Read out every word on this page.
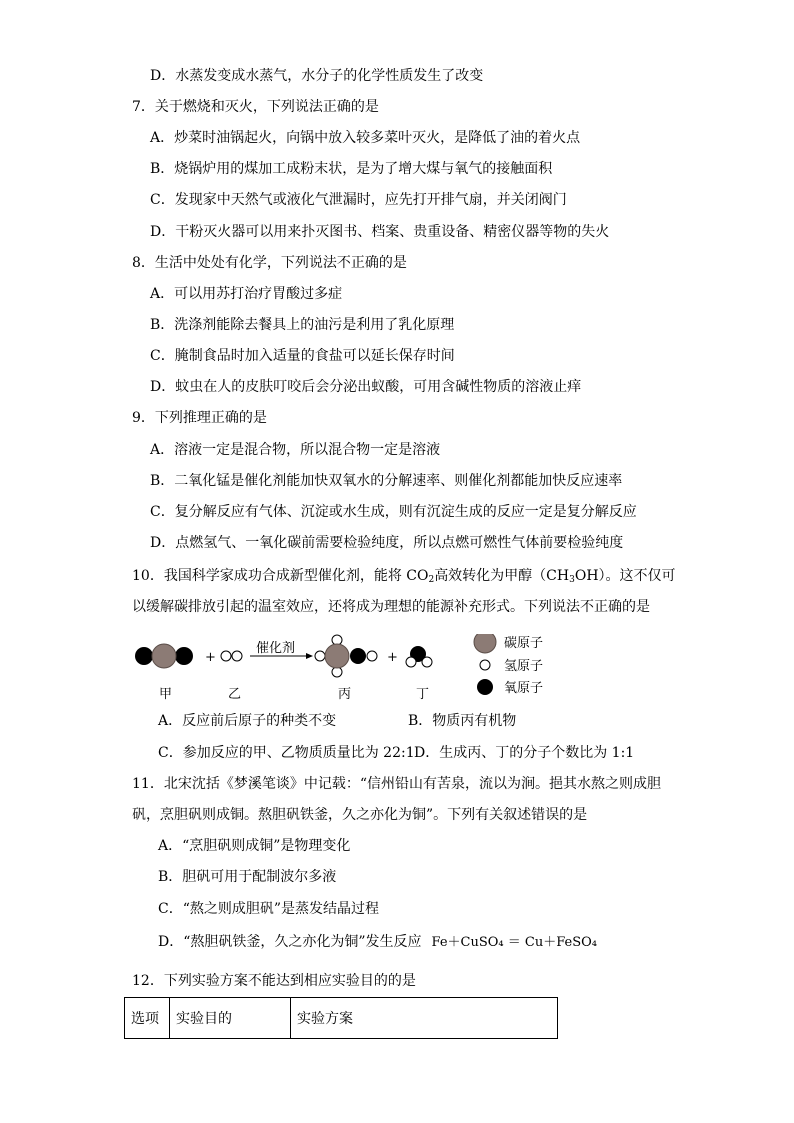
D．水蒸发变成水蒸气，水分子的化学性质发生了改变
7．关于燃烧和灭火，下列说法正确的是
A．炒菜时油锅起火，向锅中放入较多菜叶灭火，是降低了油的着火点
B．烧锅炉用的煤加工成粉末状，是为了增大煤与氧气的接触面积
C．发现家中天然气或液化气泄漏时，应先打开排气扇，并关闭阀门
D．干粉灭火器可以用来扑灭图书、档案、贵重设备、精密仪器等物的失火
8．生活中处处有化学，下列说法不正确的是
A．可以用苏打治疗胃酸过多症
B．洗涤剂能除去餐具上的油污是利用了乳化原理
C．腌制食品时加入适量的食盐可以延长保存时间
D．蚊虫在人的皮肤叮咬后会分泌出蚁酸，可用含碱性物质的溶液止痒
9．下列推理正确的是
A．溶液一定是混合物，所以混合物一定是溶液
B．二氧化锰是催化剂能加快双氧水的分解速率、则催化剂都能加快反应速率
C．复分解反应有气体、沉淀或水生成，则有沉淀生成的反应一定是复分解反应
D．点燃氢气、一氧化碳前需要检验纯度，所以点燃可燃性气体前要检验纯度
10．我国科学家成功合成新型催化剂，能将 $CO_2$高效转化为甲醇$(CH_3OH)$。这不仅可
以缓解碳排放引起的温室效应，还将成为理想的能源补充形式。下列说法不正确的是
+
催化剂
+
甲	乙	丙	丁
碳原子
氢原子
氧原子
A．反应前后原子的种类不变	B．物质丙有机物
C．参加反应的甲、乙物质质量比为 22:1 D．生成丙、丁的分子个数比为 1:1
11．北宋沈括《梦溪笔谈》中记载：“信州铅山有苦泉，流以为涧。挹其水熬之则成胆
矾，烹胆矾则成铜。熬胆矾铁釜，久之亦化为铜”。下列有关叙述错误的是
A．“烹胆矾则成铜”是物理变化
B．胆矾可用于配制波尔多液
C．“熬之则成胆矾”是蒸发结晶过程
D．“熬胆矾铁釜，久之亦化为铜”发生反应 Fe＋CuSO₄ ＝ Cu＋FeSO₄
12．下列实验方案不能达到相应实验目的的是
选项	实验目的	实验方案
